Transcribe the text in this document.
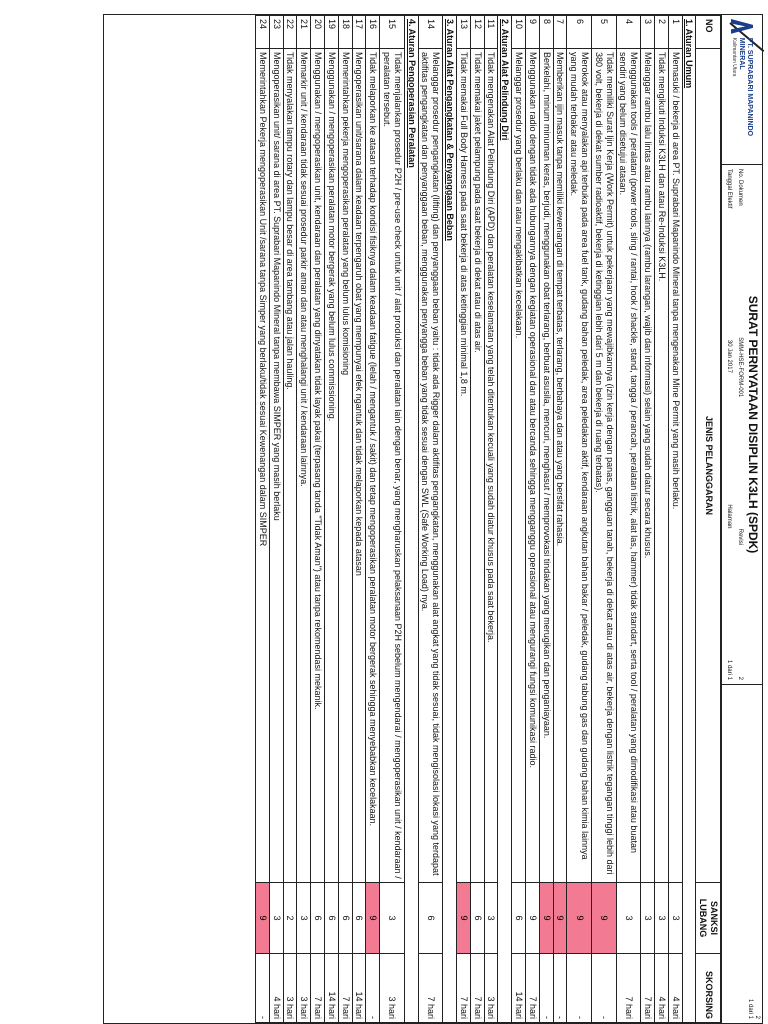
PT. SUPRABARI MAPANINDO MINERAL
Kalimantan Utara
SURAT PERNYATAAN DISIPLIN K3LH (SPDK)
No. Dokumen
SMM-HSE-FORM-001
Revisi
2
Tanggal Efektif
30 Jan 2017
Halaman
1 dari 1
2
1 dari 1
NO	JENIS PELANGGARAN	SANKSI LUBANG	SKORSING
1. Aturan Umum			
1	Memasuki / bekerja di area PT. Suprabari Mapanindo Mineral tanpa mengenakan Mine Permit yang masih berlaku.	3	4 hari
2	Tidak mengikuti Induksi K3LH dan atau Re-Induksi K3LH.	3	4 hari
3	Melanggar rambu lalu lintas atau rambu lainnya (rambu larangan, wajib dan informasi) selain yang sudah diatur secara khusus.	3	7 hari
4	Menggunakan tools / peralatan (power tools, sling / rantai, hook / shackle, stand, tangga / perancah, peralatan listrik, alat las, hammer) tidak standart, serta tool / peralatan yang dimodifikasi atau buatan sendiri yang belum disetujui atasan.	3	7 hari
5	Tidak memiliki Surat Ijin Kerja (Work Permit) untuk pekerjaan yang mewajibkannya (izin kerja dengan panas, gangguan tanah, bekerja di dekat atau di atas air, bekerja dengan listrik tegangan tinggi lebih dari 380 volt, bekerja di dekat sumber radioaktif, bekerja di ketinggian lebih dari 5 m dan bekerja di ruang terbatas).	9	-
6	Merokok atau menyalakan api terbuka pada area fuel tank, gudang bahan peledak, area peledakan aktif, kendaraan angkutan bahan bakar / peledak, gudang tabung gas dan gudang bahan kimia lainnya yang mudah terbakar atau meledak.	9	-
7	Memberikan ijin masuk tanpa memiliki kewenangan di tempat terbatas, terlarang, berbahaya dan atau yang bersifat rahasia.	9	-
8	Berkelahi, minum minuman keras, berjudi, menggunakan obat terlarang, berbuat asusila, mencuri, menghasut / memprovokasi tindakan yang merugikan dan penganiayaan.	9	-
9	Menggunakan radio dengan tidak ada hubungannya dengan kegiatan operasional dan atau bercanda sehingga mengganggu operasional atau mengurangi fungsi komunikasi radio.	9	7 hari
10	Melanggar prosedur yang berlaku dan atau mengakibatkan kecelakaan.	6	14 hari
2. Aturan Alat Pelindung Diri			
11	Tidak mengenakan Alat Pelindung Diri (APD) dan peralatan keselamatan yang telah ditentukan kecuali yang sudah diatur khusus pada saat bekerja.	3	3 hari
12	Tidak memakai jaket pelampung pada saat bekerja di dekat atau di atas air.	6	7 hari
13	Tidak memakai Full Body Harness pada saat bekerja di atas ketinggian minimal 1,8 m.	9	7 hari
3. Aturan Alat Pengangkatan & Penyanggaan Beban			
14	Melanggar prosedur pengangkatan (lifting) dan penyanggaan beban yaitu : tidak ada Rigger dalam aktifitas pengangkatan, menggunakan alat angkat yang tidak sesuai, tidak mengisolasi lokasi yang terdapat aktifitas pengangkatan dan penyanggaan beban, menggunakan penyangga beban yang tidak sesuai dengan SWL (Safe Working Load) nya.	6	7 hari
4. Aturan Pengoperasian Peralatan			
15	Tidak menjalankan prosedur P2H / pre-use check untuk unit / alat produksi dan peralatan lain dengan benar, yang mengharuskan pelaksanaan P2H sebelum mengendarai / mengoperasikan unit / kendaraan / peralatan tersebut.	3	3 hari
16	Tidak melaporkan ke atasan terhadap kondisi fisiknya dalam keadaan fatigue (lelah / mengantuk / sakit) dan tetap mengoperasikan peralatan motor bergerak sehingga menyebabkan kecelakaan.	9	-
17	Mengoperasikan unit/sarana dalam keadaan terpengaruh obat yang mempunyai efek ngantuk dan tidak melaporkan kepada atasan	6	14 hari
18	Memerintahkan pekerja mengoperasikan peralatan yang belum lulus komisioning	6	7 hari
19	Menggunakan / mengoperasikan peralatan motor bergerak yang belum lulus commissioning.	6	14 hari
20	Menggunakan / mengoperasikan unit, kendaraan dan peralatan yang dinyatakan tidak layak pakai (terpasang tanda "Tidak Aman") atau tanpa rekomendasi mekanik.	6	7 hari
21	Memarkir unit / kendaraan tidak sesuai prosedur parkir aman dan atau menghalangi unit / kendaraan lainnya.	3	3 hari
22	Tidak menyalakan lampu rotary dan lampu besar di area tambang atau jalan hauling.	2	3 hari
23	Mengoperasikan unit/ sarana di area PT. Suprabari Mapanindo Mineral tanpa membawa SIMPER yang masih berlaku	3	4 hari
24	Memerintahkan Pekerja mengoperasikan Unit /sarana tanpa Simper yang berlaku/tidak sesuai Kewenangan dalam SIMPER	9	-
